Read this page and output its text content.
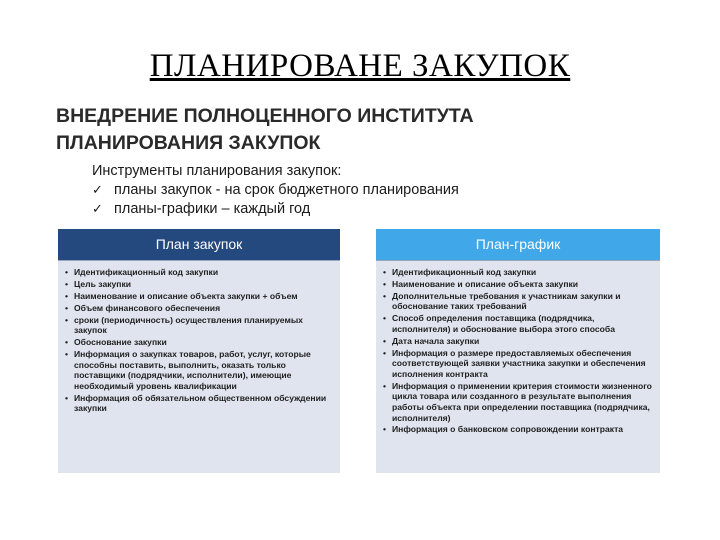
ПЛАНИРОВАНЕ ЗАКУПОК
ВНЕДРЕНИЕ ПОЛНОЦЕННОГО ИНСТИТУТА
ПЛАНИРОВАНИЯ ЗАКУПОК
Инструменты планирования закупок:
✓ планы закупок - на срок бюджетного планирования
✓ планы-графики – каждый год
План закупок
• Идентификационный код закупки
• Цель закупки
• Наименование и описание объекта закупки + объем
• Объем финансового обеспечения
• сроки (периодичность) осуществления планируемых закупок
• Обоснование закупки
• Информация о закупках товаров, работ, услуг, которые способны поставить, выполнить, оказать только поставщики (подрядчики, исполнители), имеющие необходимый уровень квалификации
• Информация об обязательном общественном обсуждении закупки
План-график
• Идентификационный код закупки
• Наименование и описание объекта закупки
• Дополнительные требования к участникам закупки и обоснование таких требований
• Способ определения поставщика (подрядчика, исполнителя) и обоснование выбора этого способа
• Дата начала закупки
• Информация о размере предоставляемых обеспечения соответствующей заявки участника закупки и обеспечения исполнения контракта
• Информация о применении критерия стоимости жизненного цикла товара или созданного в результате выполнения работы объекта при определении поставщика (подрядчика, исполнителя)
• Информация о банковском сопровождении контракта
